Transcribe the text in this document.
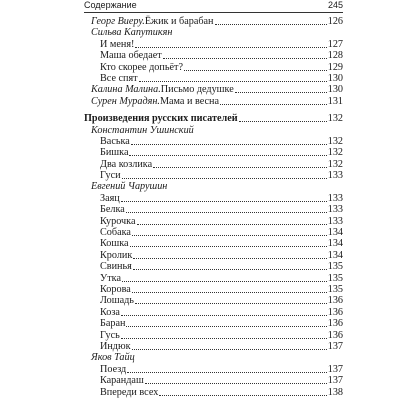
Содержание	245
Георг Виеру. Ёжик и барабан	126
Сильва Капутикян
И меня!	127
Маша обедает	128
Кто скорее допьёт?	129
Все спят	130
Калина Малина. Письмо дедушке	130
Сурен Мурадян. Мама и весна	131
Произведения русских писателей	132
Константин Ушинский
Васька	132
Бишка	132
Два козлика	132
Гуси	133
Евгений Чарушин
Заяц	133
Белка	133
Курочка	133
Собака	134
Кошка	134
Кролик	134
Свинья	135
Утка	135
Корова	135
Лошадь	136
Коза	136
Баран	136
Гусь	136
Индюк	137
Яков Тайц
Поезд	137
Карандаш	137
Впереди всех	138
